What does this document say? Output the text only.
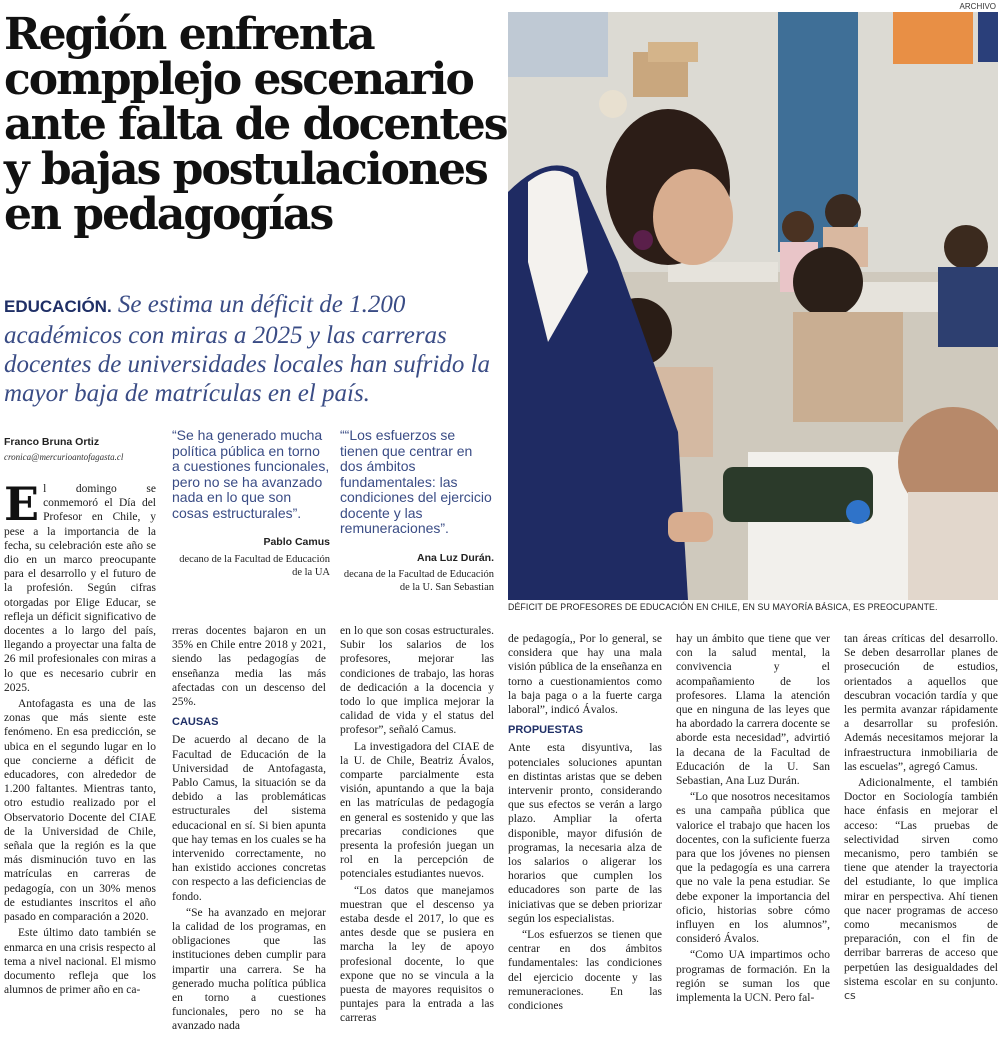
Región enfrenta
compplejo escenario
ante falta de docentes
y bajas postulaciones
en pedagogías
EDUCACIÓN. Se estima un déficit de 1.200 académicos con miras a 2025 y las carreras docentes de universidades locales han sufrido la mayor baja de matrículas en el país.
ARCHIVO
DÉFICIT DE PROFESORES DE EDUCACIÓN EN CHILE, EN SU MAYORÍA BÁSICA, ES PREOCUPANTE.
Franco Bruna Ortiz
cronica@mercurioantofagasta.cl

“Se ha generado mucha política pública en torno a cuestiones funcionales, pero no se ha avanzado nada en lo que son cosas estructurales”.

Pablo Camus
decano de la Facultad de Educación de la UA

““Los esfuerzos se tienen que centrar en dos ámbitos fundamentales: las condiciones del ejercicio docente y las remuneraciones”.

Ana Luz Durán.
decana de la Facultad de Educación de la U. San Sebastian

El domingo se conmemoró el Día del Profesor en Chile, y pese a la importancia de la fecha, su celebración este año se dio en un marco preocupante para el desarrollo y el futuro de la profesión. Según cifras otorgadas por Elige Educar, se refleja un déficit significativo de docentes a lo largo del país, llegando a proyectar una falta de 26 mil profesionales con miras a lo que es necesario cubrir en 2025.

Antofagasta es una de las zonas que más siente este fenómeno. En esa predicción, se ubica en el segundo lugar en lo que concierne a déficit de educadores, con alrededor de 1.200 faltantes. Mientras tanto, otro estudio realizado por el Observatorio Docente del CIAE de la Universidad de Chile, señala que la región es la que más disminución tuvo en las matrículas en carreras de pedagogía, con un 30% menos de estudiantes inscritos el año pasado en comparación a 2020.

Este último dato también se enmarca en una crisis respecto al tema a nivel nacional. El mismo documento refleja que los alumnos de primer año en ca-

rreras docentes bajaron en un 35% en Chile entre 2018 y 2021, siendo las pedagogías de enseñanza media las más afectadas con un descenso del 25%.

CAUSAS

De acuerdo al decano de la Facultad de Educación de la Universidad de Antofagasta, Pablo Camus, la situación se da debido a las problemáticas estructurales del sistema educacional en sí. Si bien apunta que hay temas en los cuales se ha intervenido correctamente, no han existido acciones concretas con respecto a las deficiencias de fondo.

“Se ha avanzado en mejorar la calidad de los programas, en obligaciones que las instituciones deben cumplir para impartir una carrera. Se ha generado mucha política pública en torno a cuestiones funcionales, pero no se ha avanzado nada

en lo que son cosas estructurales. Subir los salarios de los profesores, mejorar las condiciones de trabajo, las horas de dedicación a la docencia y todo lo que implica mejorar la calidad de vida y el status del profesor”, señaló Camus.

La investigadora del CIAE de la U. de Chile, Beatriz Ávalos, comparte parcialmente esta visión, apuntando a que la baja en las matrículas de pedagogía en general es sostenido y que las precarias condiciones que presenta la profesión juegan un rol en la percepción de potenciales estudiantes nuevos.

“Los datos que manejamos muestran que el descenso ya estaba desde el 2017, lo que es antes desde que se pusiera en marcha la ley de apoyo profesional docente, lo que expone que no se vincula a la puesta de mayores requisitos o puntajes para la entrada a las carreras

de pedagogía,, Por lo general, se considera que hay una mala visión pública de la enseñanza en torno a cuestionamientos como la baja paga o a la fuerte carga laboral”, indicó Ávalos.

PROPUESTAS

Ante esta disyuntiva, las potenciales soluciones apuntan en distintas aristas que se deben intervenir pronto, considerando que sus efectos se verán a largo plazo. Ampliar la oferta disponible, mayor difusión de programas, la necesaria alza de los salarios o aligerar los horarios que cumplen los educadores son parte de las iniciativas que se deben priorizar según los especialistas.

“Los esfuerzos se tienen que centrar en dos ámbitos fundamentales: las condiciones del ejercicio docente y las remuneraciones. En las condiciones

hay un ámbito que tiene que ver con la salud mental, la convivencia y el acompañamiento de los profesores. Llama la atención que en ninguna de las leyes que ha abordado la carrera docente se aborde esta necesidad”, advirtió la decana de la Facultad de Educación de la U. San Sebastian, Ana Luz Durán.

“Lo que nosotros necesitamos es una campaña pública que valorice el trabajo que hacen los docentes, con la suficiente fuerza para que los jóvenes no piensen que la pedagogía es una carrera que no vale la pena estudiar. Se debe exponer la importancia del oficio, historias sobre cómo influyen en los alumnos”, consideró Ávalos.

“Como UA impartimos ocho programas de formación. En la región se suman los que implementa la UCN. Pero fal-

tan áreas críticas del desarrollo. Se deben desarrollar planes de prosecución de estudios, orientados a aquellos que descubran vocación tardía y que les permita avanzar rápidamente a desarrollar su profesión. Además necesitamos mejorar la infraestructura inmobiliaria de las escuelas”, agregó Camus.

Adicionalmente, el también Doctor en Sociología también hace énfasis en mejorar el acceso: “Las pruebas de selectividad sirven como mecanismo, pero también se tiene que atender la trayectoria del estudiante, lo que implica mirar en perspectiva. Ahí tienen que nacer programas de acceso como mecanismos de preparación, con el fin de derribar barreras de acceso que perpetúen las desigualdades del sistema escolar en su conjunto. cs
